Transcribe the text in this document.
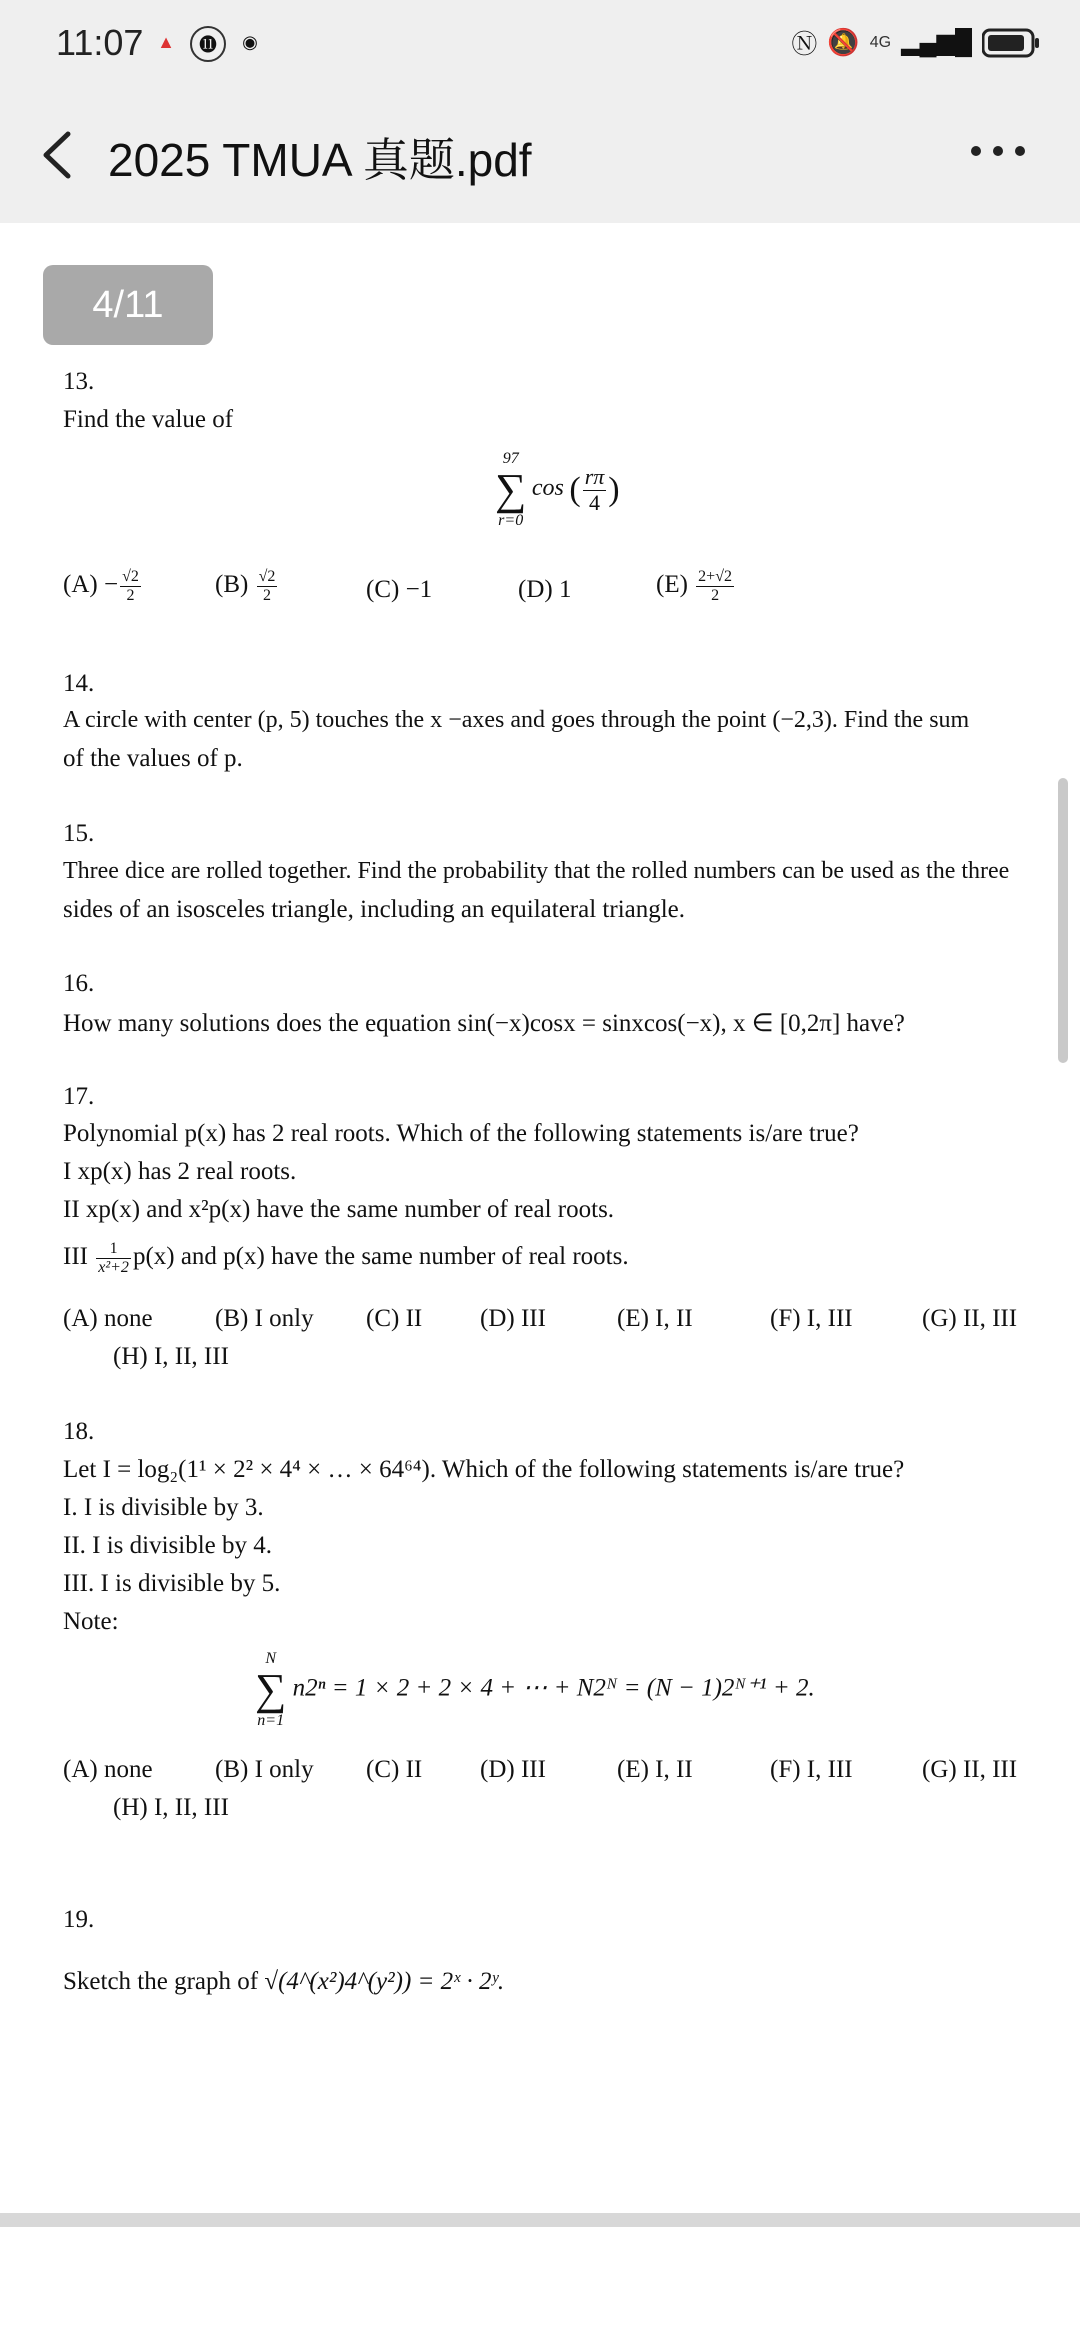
11:07 ▲	⓫	◉	Ⓝ 🔕 4G ▂▄▆█
2025 TMUA 真题.pdf
4/11
13.
Find the value of
97
∑
r=0
cos ( $\frac{r\pi}{4}$ )
$(A) - \frac{√2}{2}$	$(B) \frac{√2}{2}$	(C) −1	(D) 1	$(E) \frac{2+√2}{2}$
14.
A circle with center (p, 5) touches the x −axes and goes through the point (−2,3). Find the sum
of the values of p.
15.
Three dice are rolled together. Find the probability that the rolled numbers can be used as the three
sides of an isosceles triangle, including an equilateral triangle.
16.
How many solutions does the equation sin(−x)cosx = sinxcos(−x), x ∈ [0,2π] have?
17.
Polynomial p(x) has 2 real roots. Which of the following statements is/are true?
I xp(x) has 2 real roots.
II xp(x) and x²p(x) have the same number of real roots.
III $\frac{1}{\text{x²+2}} p(x)$ and p(x) have the same number of real roots.
(A) none (B) I only (C) II (D) III	(E) I, II	(F) I, III	(G) II, III
(H) I, II, III
18.
Let I = log₂(1¹ × 2² × 4⁴ × … × 64⁶⁴). Which of the following statements is/are true?
I. I is divisible by 3.
II. I is divisible by 4.
III. I is divisible by 5.
Note:
N
∑
n=1
n2ⁿ = 1 × 2 + 2 × 4 + ⋯ + N2ᴺ = (N − 1)2ᴺ⁺¹ + 2.
(A) none (B) I only (C) II (D) III	(E) I, II	(F) I, III	(G) II, III
(H) I, II, III
19.
Sketch the graph of √(4^(x²)4^(y²)) = 2ˣ · 2ʸ.
